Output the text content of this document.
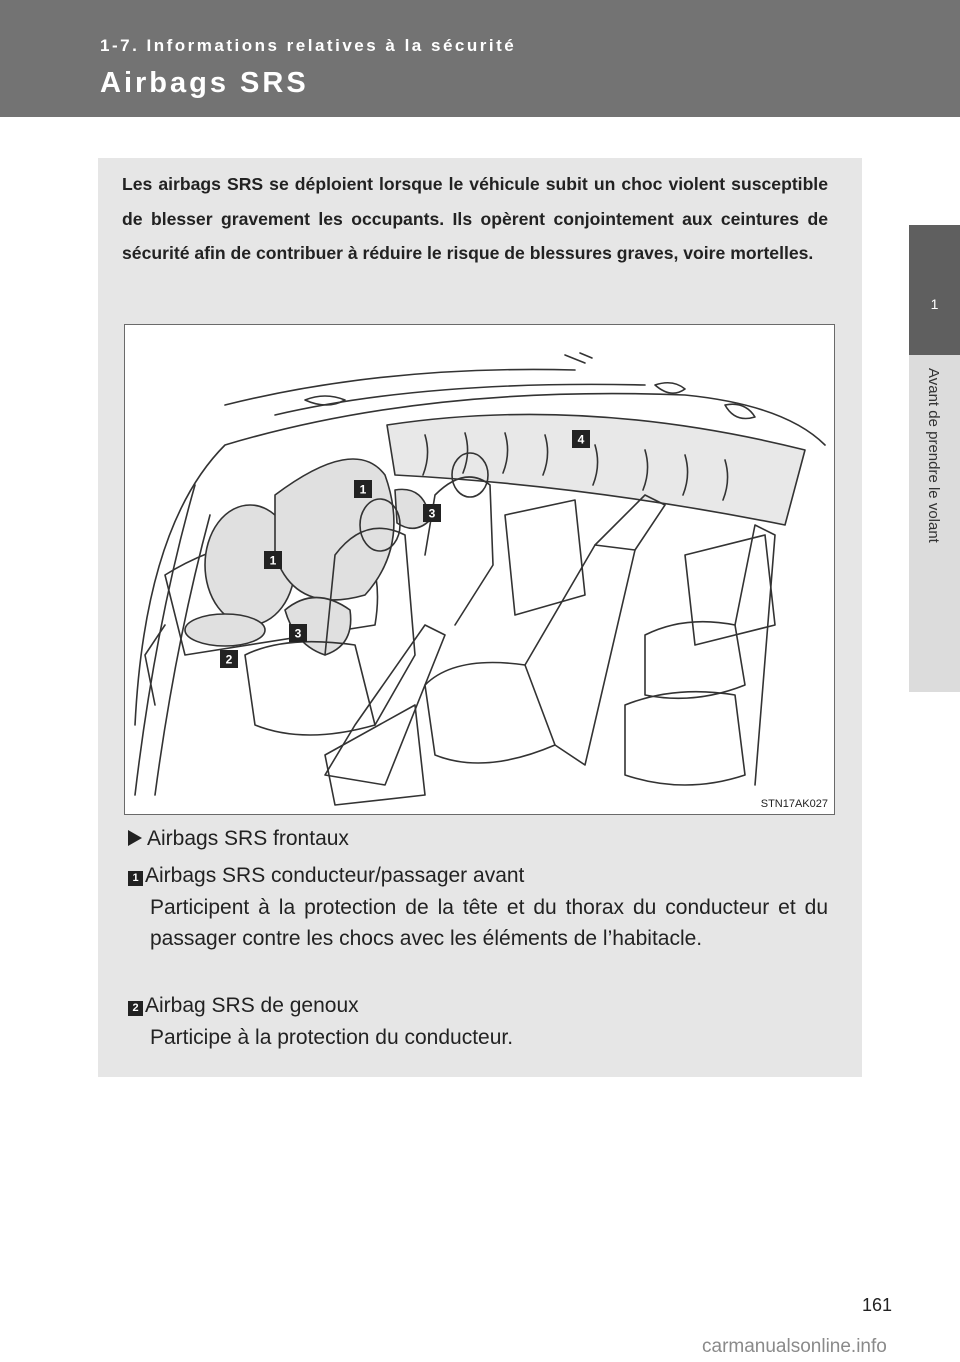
1-7. Informations relatives à la sécurité
Airbags SRS
1
Avant de prendre le volant
Les airbags SRS se déploient lorsque le véhicule subit un choc violent susceptible de blesser gravement les occupants. Ils opèrent conjointement aux ceintures de sécurité afin de contribuer à réduire le risque de blessures graves, voire mortelles.
1
1
3
3
2
4
STN17AK027
Airbags SRS frontaux
1 Airbags SRS conducteur/passager avant
Participent à la protection de la tête et du thorax du conducteur et du passager contre les chocs avec les éléments de l’habitacle.
2 Airbag SRS de genoux
Participe à la protection du conducteur.
161
carmanualsonline.info
